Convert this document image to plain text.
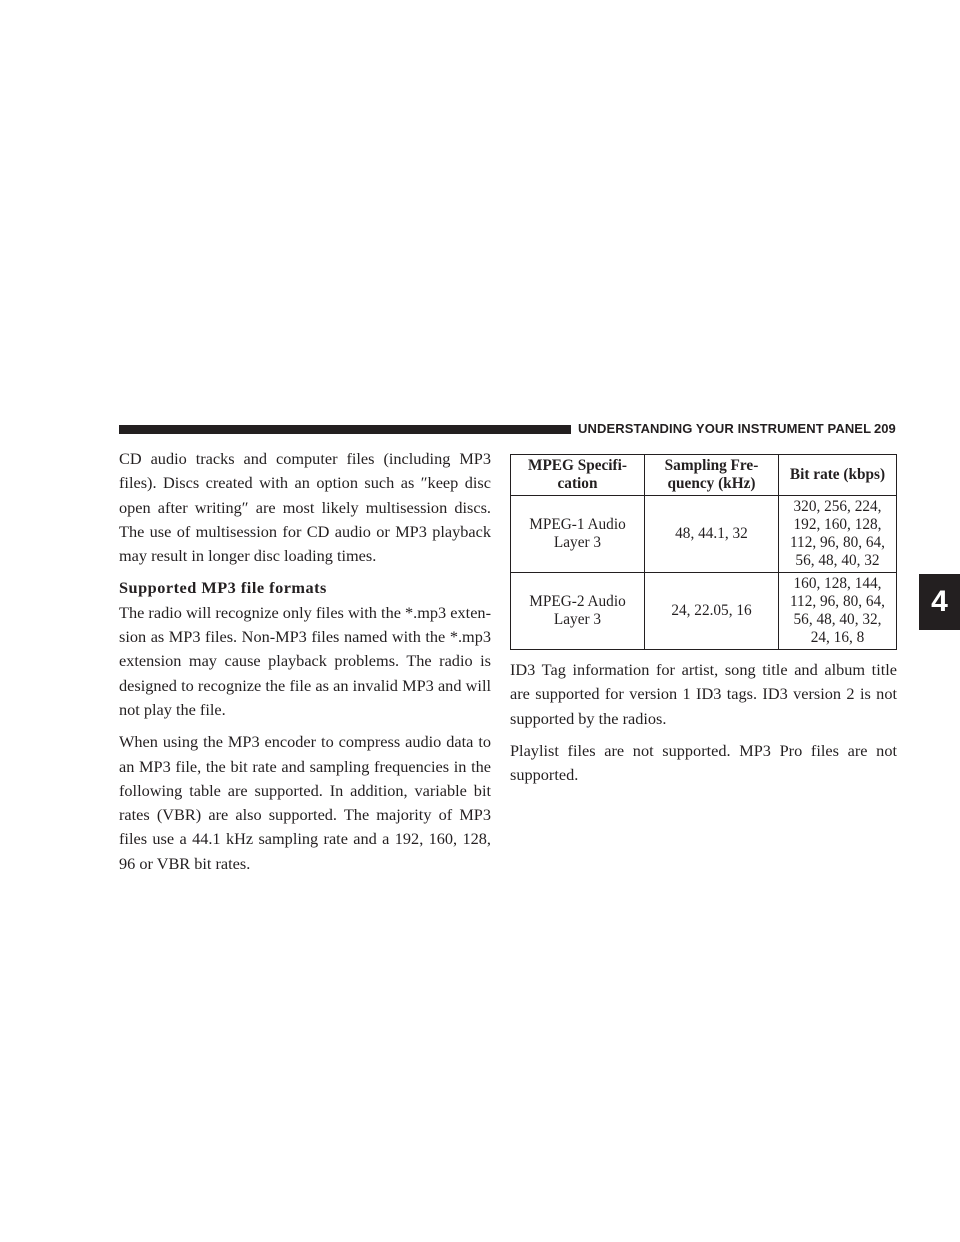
UNDERSTANDING YOUR INSTRUMENT PANEL 209
4

CD audio tracks and computer files (including MP3 files). Discs created with an option such as ″keep disc open after writing″ are most likely multisession discs. The use of multisession for CD audio or MP3 playback may result in longer disc loading times.

Supported MP3 file formats

The radio will recognize only files with the *.mp3 exten-sion as MP3 files. Non-MP3 files named with the *.mp3 extension may cause playback problems. The radio is designed to recognize the file as an invalid MP3 and will not play the file.

When using the MP3 encoder to compress audio data to an MP3 file, the bit rate and sampling frequencies in the following table are supported. In addition, variable bit rates (VBR) are also supported. The majority of MP3 files use a 44.1 kHz sampling rate and a 192, 160, 128, 96 or VBR bit rates.

MPEG Specifi-cation	Sampling Fre-quency (kHz)	Bit rate (kbps)
MPEG-1 Audio Layer 3	48, 44.1, 32	320, 256, 224, 192, 160, 128, 112, 96, 80, 64, 56, 48, 40, 32
MPEG-2 Audio Layer 3	24, 22.05, 16	160, 128, 144, 112, 96, 80, 64, 56, 48, 40, 32, 24, 16, 8

ID3 Tag information for artist, song title and album title are supported for version 1 ID3 tags. ID3 version 2 is not supported by the radios.

Playlist files are not supported. MP3 Pro files are not supported.
